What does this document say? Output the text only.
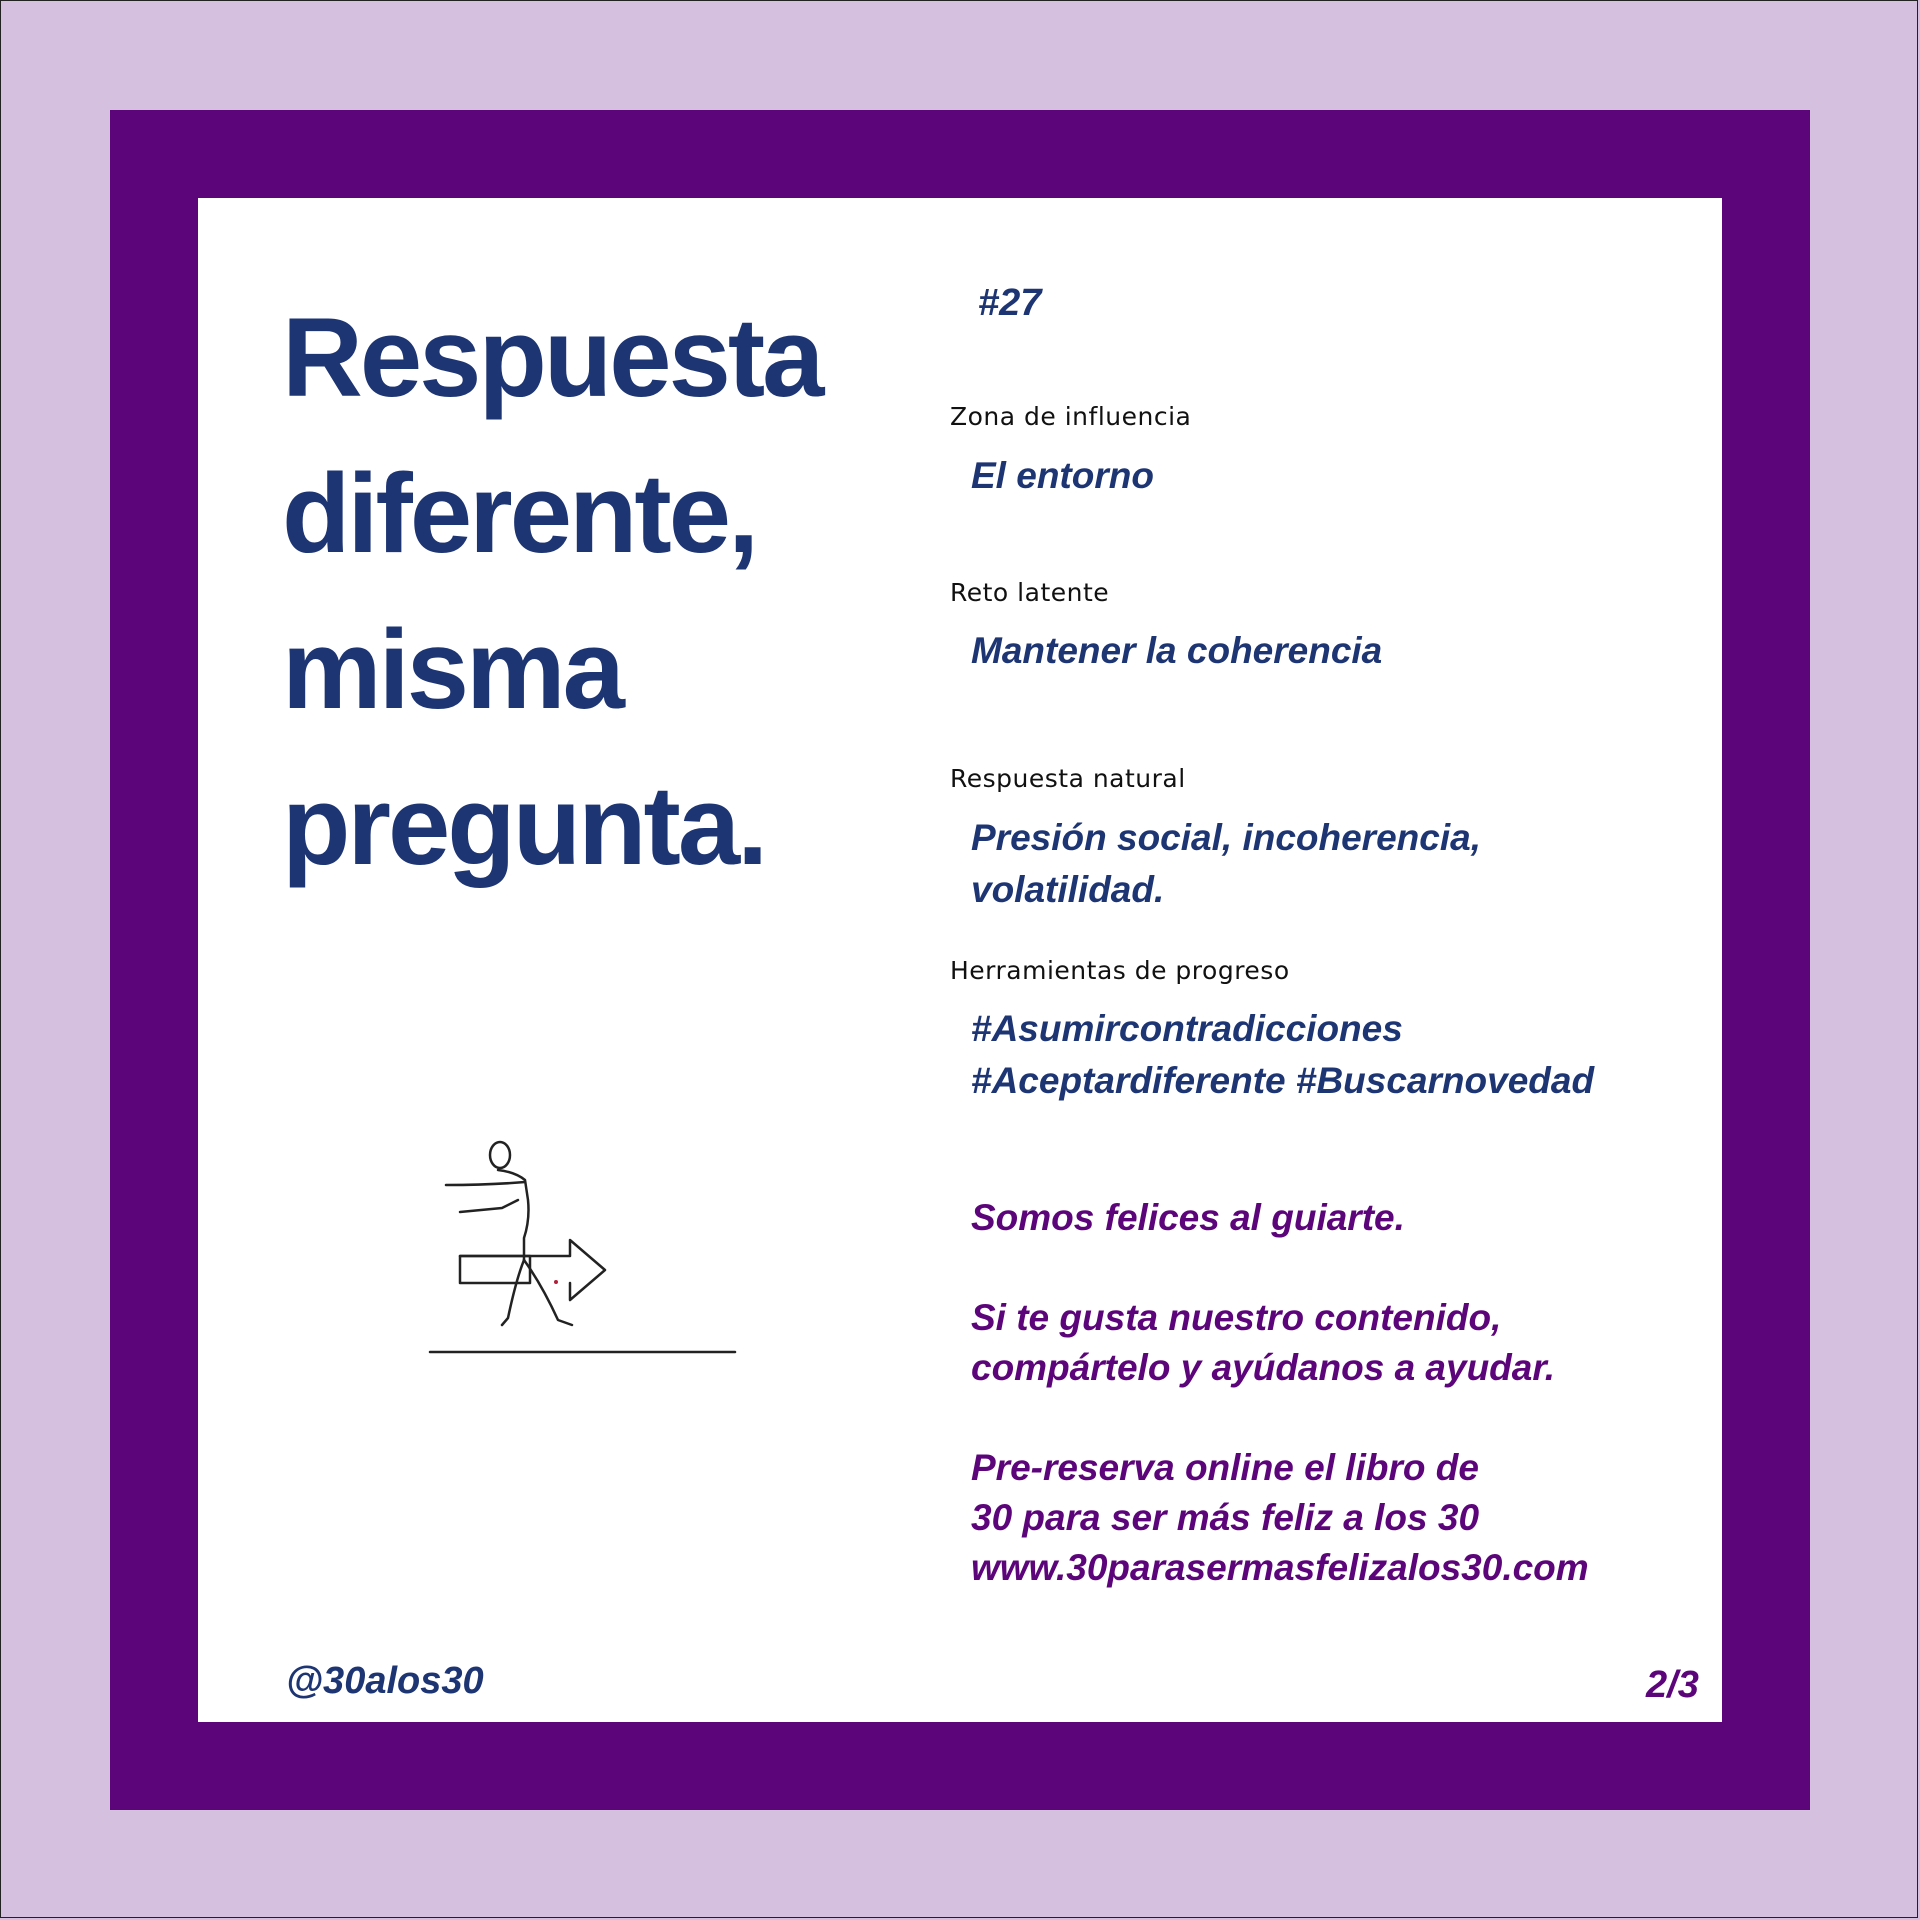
Respuesta
diferente,
misma
pregunta.
#27
Zona de influencia
El entorno
Reto latente
Mantener la coherencia
Respuesta natural
Presión social, incoherencia,
volatilidad.
Herramientas de progreso
#Asumircontradicciones
#Aceptardiferente #Buscarnovedad
Somos felices al guiarte.
Si te gusta nuestro contenido,
compártelo y ayúdanos a ayudar.
Pre-reserva online el libro de
30 para ser más feliz a los 30
www.30parasermasfelizalos30.com
@30alos30	2/3
